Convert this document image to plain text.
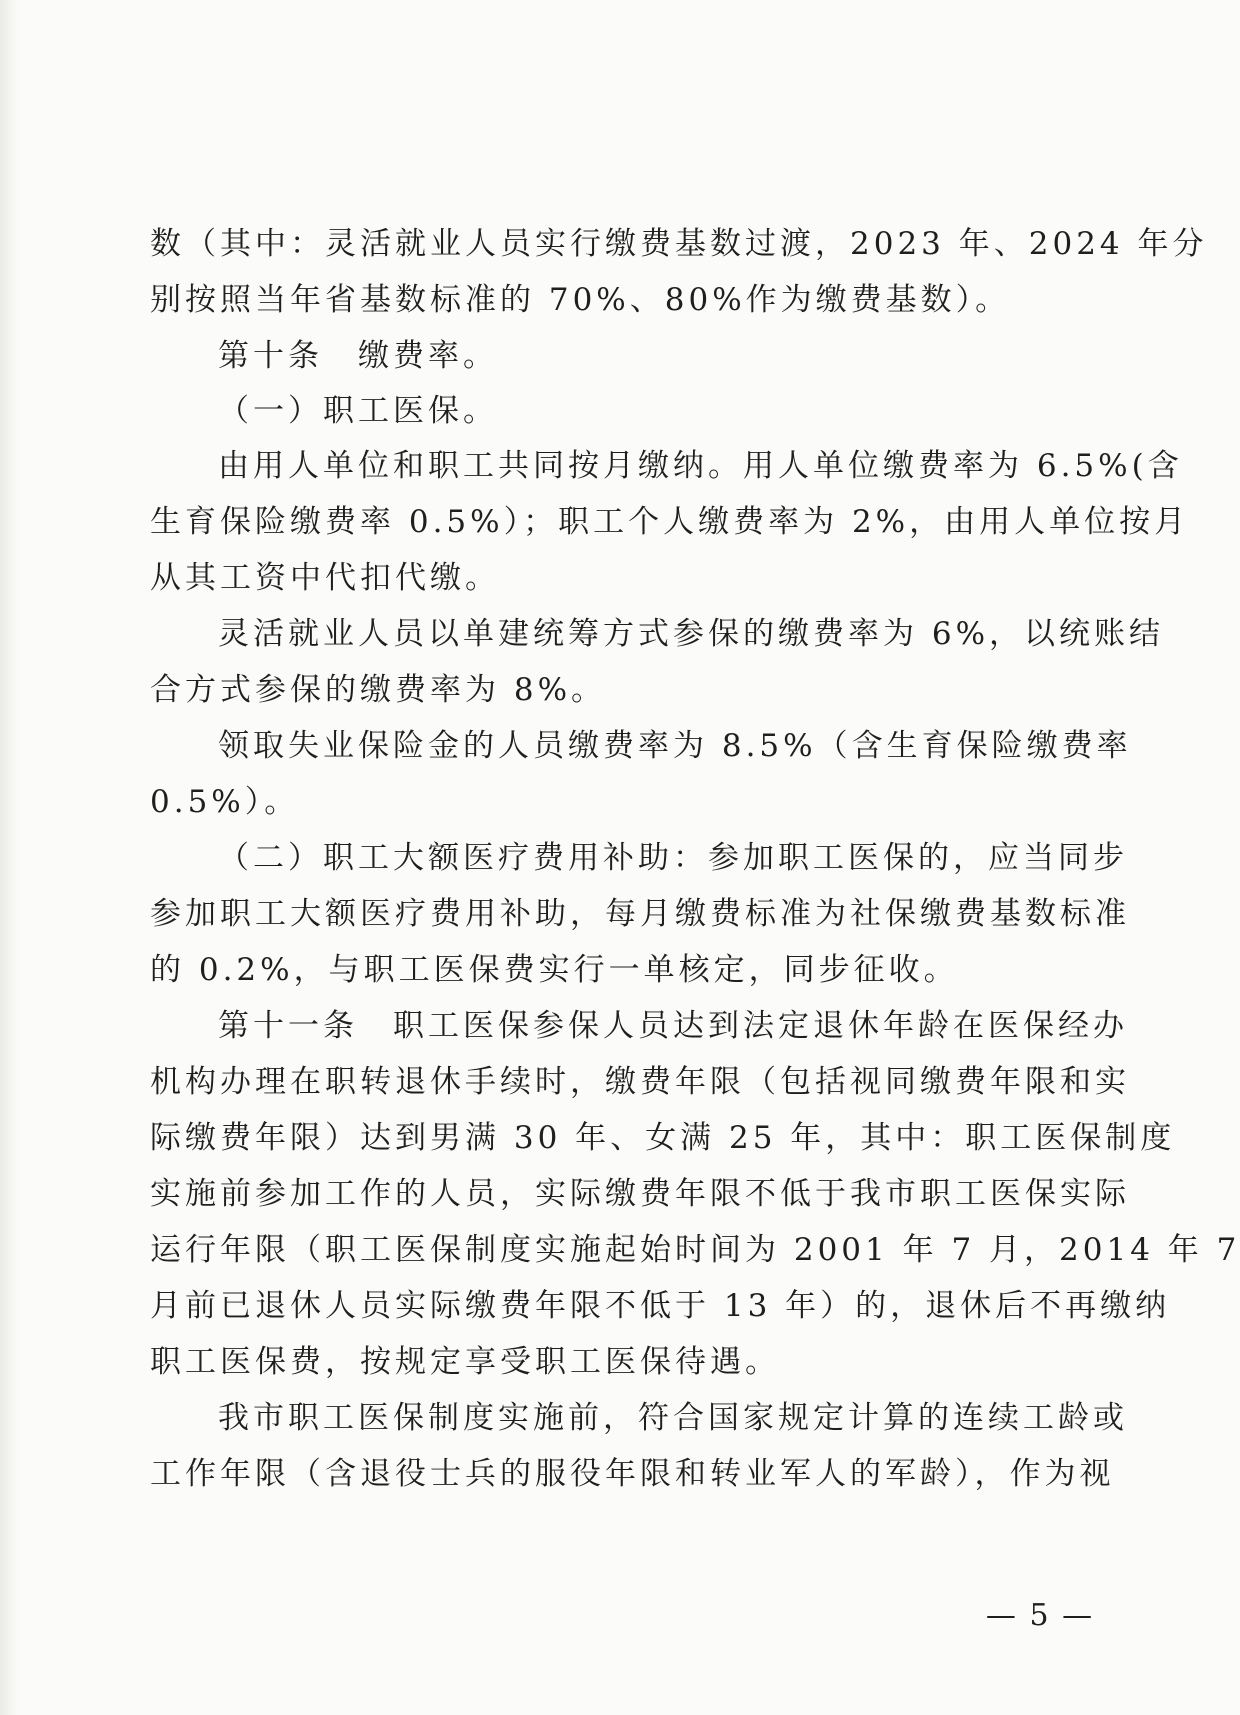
数（其中：灵活就业人员实行缴费基数过渡，2023 年、2024 年分
别按照当年省基数标准的 70%、80%作为缴费基数）。
第十条　缴费率。
（一）职工医保。
由用人单位和职工共同按月缴纳。用人单位缴费率为 6.5%(含
生育保险缴费率 0.5%）；职工个人缴费率为 2%，由用人单位按月
从其工资中代扣代缴。
灵活就业人员以单建统筹方式参保的缴费率为 6%，以统账结
合方式参保的缴费率为 8%。
领取失业保险金的人员缴费率为 8.5%（含生育保险缴费率
0.5%）。
（二）职工大额医疗费用补助：参加职工医保的，应当同步
参加职工大额医疗费用补助，每月缴费标准为社保缴费基数标准
的 0.2%，与职工医保费实行一单核定，同步征收。
第十一条　职工医保参保人员达到法定退休年龄在医保经办
机构办理在职转退休手续时，缴费年限（包括视同缴费年限和实
际缴费年限）达到男满 30 年、女满 25 年，其中：职工医保制度
实施前参加工作的人员，实际缴费年限不低于我市职工医保实际
运行年限（职工医保制度实施起始时间为 2001 年 7 月，2014 年 7
月前已退休人员实际缴费年限不低于 13 年）的，退休后不再缴纳
职工医保费，按规定享受职工医保待遇。
我市职工医保制度实施前，符合国家规定计算的连续工龄或
工作年限（含退役士兵的服役年限和转业军人的军龄），作为视
— 5 —
